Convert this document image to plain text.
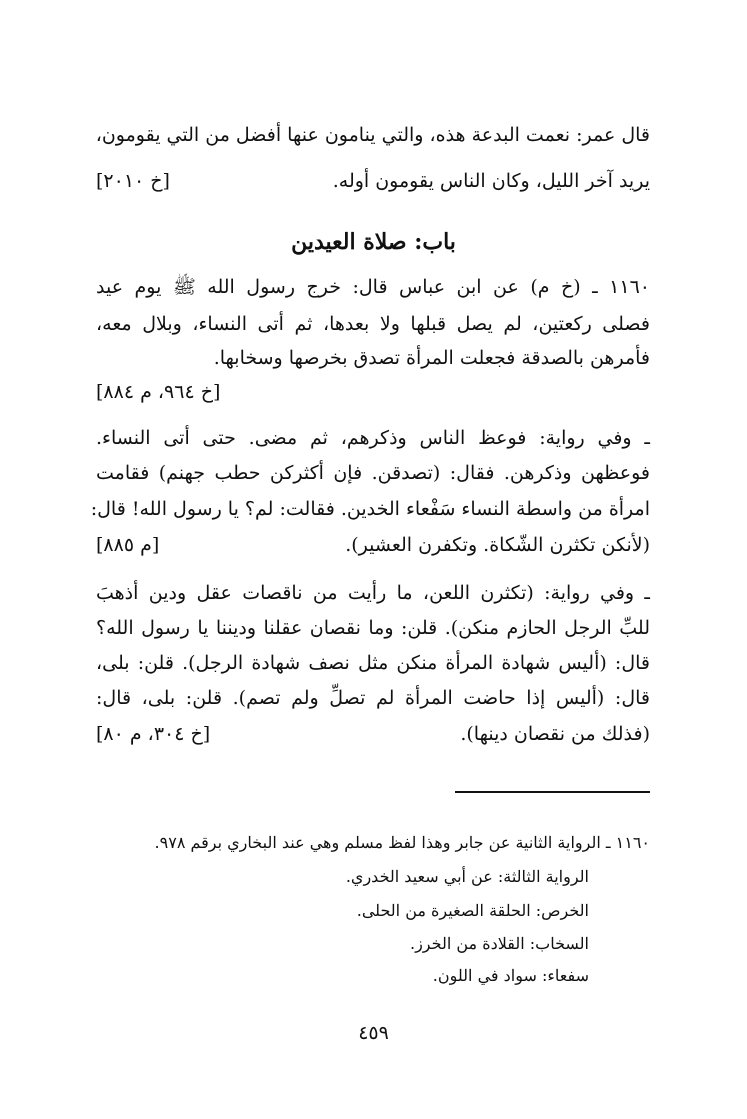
قال عمر: نعمت البدعة هذه، والتي ينامون عنها أفضل من التي يقومون،
يريد آخر الليل، وكان الناس يقومون أوله.
[خ ٢٠١٠]
باب: صلاة العيدين
١١٦٠ ـ (خ م) عن ابن عباس قال: خرج رسول الله ﷺ يوم عيد
فصلى ركعتين، لم يصل قبلها ولا بعدها، ثم أتى النساء، وبلال معه،
فأمرهن بالصدقة فجعلت المرأة تصدق بخرصها وسخابها.
[خ ٩٦٤، م ٨٨٤]
ـ وفي رواية: فوعظ الناس وذكرهم، ثم مضى. حتى أتى النساء.
فوعظهن وذكرهن. فقال: (تصدقن. فإن أكثركن حطب جهنم) فقامت
امرأة من واسطة النساء سَفْعاء الخدين. فقالت: لم؟ يا رسول الله! قال:
(لأنكن تكثرن الشّكاة. وتكفرن العشير).
[م ٨٨٥]
ـ وفي رواية: (تكثرن اللعن، ما رأيت من ناقصات عقل ودين أذهبَ
للبِّ الرجل الحازم منكن). قلن: وما نقصان عقلنا وديننا يا رسول الله؟
قال: (أليس شهادة المرأة منكن مثل نصف شهادة الرجل). قلن: بلى،
قال: (أليس إذا حاضت المرأة لم تصلِّ ولم تصم). قلن: بلى، قال:
(فذلك من نقصان دينها).
[خ ٣٠٤، م ٨٠]
١١٦٠ ـ الرواية الثانية عن جابر وهذا لفظ مسلم وهي عند البخاري برقم ٩٧٨.
الرواية الثالثة: عن أبي سعيد الخدري.
الخرص: الحلقة الصغيرة من الحلى.
السخاب: القلادة من الخرز.
سفعاء: سواد في اللون.
٤٥٩
